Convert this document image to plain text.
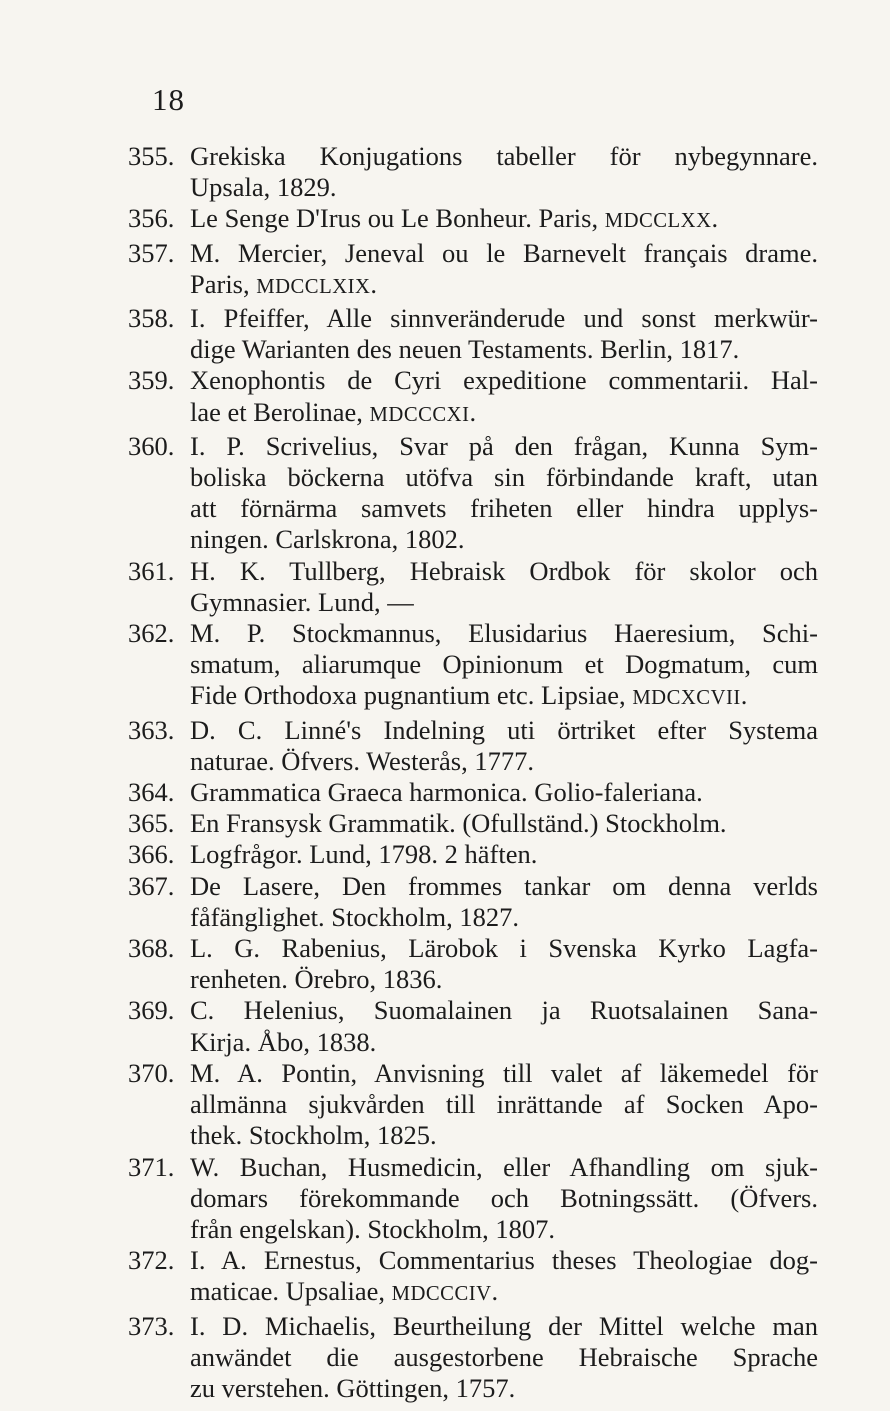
18
355. Grekiska Konjugations tabeller för nybegynnare.
Upsala, 1829.
356. Le Senge D'Irus ou Le Bonheur. Paris, MDCCLXX.
357. M. Mercier, Jeneval ou le Barnevelt français drame.
Paris, MDCCLXIX.
358. I. Pfeiffer, Alle sinnveränderude und sonst merkwür-
dige Warianten des neuen Testaments. Berlin, 1817.
359. Xenophontis de Cyri expeditione commentarii. Hal-
lae et Berolinae, MDCCCXI.
360. I. P. Scrivelius, Svar på den frågan, Kunna Sym-
boliska böckerna utöfva sin förbindande kraft, utan
att förnärma samvets friheten eller hindra upplys-
ningen. Carlskrona, 1802.
361. H. K. Tullberg, Hebraisk Ordbok för skolor och
Gymnasier. Lund, —
362. M. P. Stockmannus, Elusidarius Haeresium, Schi-
smatum, aliarumque Opinionum et Dogmatum, cum
Fide Orthodoxa pugnantium etc. Lipsiae, MDCXCVII.
363. D. C. Linné's Indelning uti örtriket efter Systema
naturae. Öfvers. Westerås, 1777.
364. Grammatica Graeca harmonica. Golio-faleriana.
365. En Fransysk Grammatik. (Ofullständ.) Stockholm.
366. Logfrågor. Lund, 1798. 2 häften.
367. De Lasere, Den frommes tankar om denna verlds
fåfänglighet. Stockholm, 1827.
368. L. G. Rabenius, Lärobok i Svenska Kyrko Lagfa-
renheten. Örebro, 1836.
369. C. Helenius, Suomalainen ja Ruotsalainen Sana-
Kirja. Åbo, 1838.
370. M. A. Pontin, Anvisning till valet af läkemedel för
allmänna sjukvården till inrättande af Socken Apo-
thek. Stockholm, 1825.
371. W. Buchan, Husmedicin, eller Afhandling om sjuk-
domars förekommande och Botningssätt. (Öfvers.
från engelskan). Stockholm, 1807.
372. I. A. Ernestus, Commentarius theses Theologiae dog-
maticae. Upsaliae, MDCCCIV.
373. I. D. Michaelis, Beurtheilung der Mittel welche man
anwändet die ausgestorbene Hebraische Sprache
zu verstehen. Göttingen, 1757.
